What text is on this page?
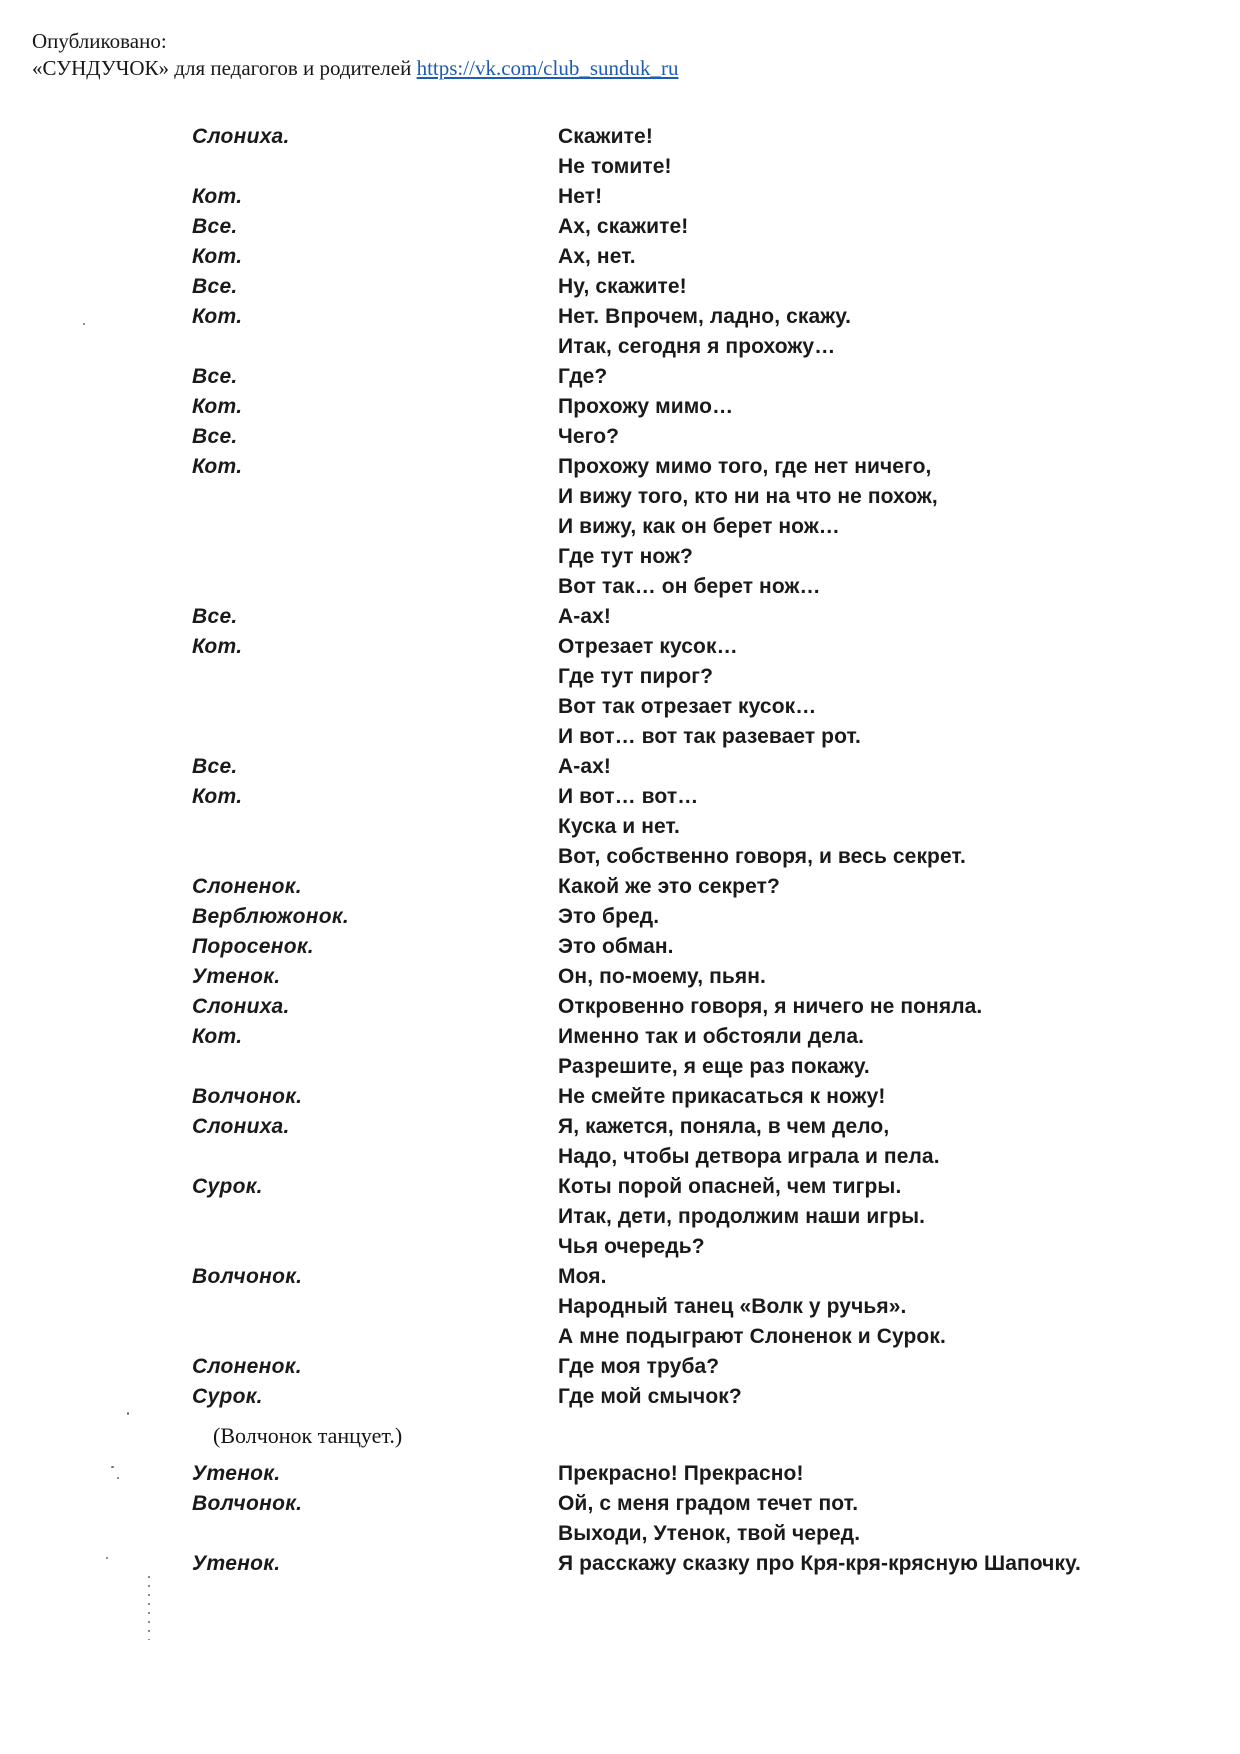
Опубликовано:
«СУНДУЧОК» для педагогов и родителей https://vk.com/club_sunduk_ru
Слониха.	Скажите!
Не томите!
Кот.	Нет!
Все.	Ах, скажите!
Кот.	Ах, нет.
Все.	Ну, скажите!
Кот.	Нет. Впрочем, ладно, скажу.
Итак, сегодня я прохожу…
Все.	Где?
Кот.	Прохожу мимо…
Все.	Чего?
Кот.	Прохожу мимо того, где нет ничего,
И вижу того, кто ни на что не похож,
И вижу, как он берет нож…
Где тут нож?
Вот так… он берет нож…
Все.	А-ах!
Кот.	Отрезает кусок…
Где тут пирог?
Вот так отрезает кусок…
И вот… вот так разевает рот.
Все.	А-ах!
Кот.	И вот… вот…
Куска и нет.
Вот, собственно говоря, и весь секрет.
Слоненок.	Какой же это секрет?
Верблюжонок.	Это бред.
Поросенок.	Это обман.
Утенок.	Он, по-моему, пьян.
Слониха.	Откровенно говоря, я ничего не поняла.
Кот.	Именно так и обстояли дела.
Разрешите, я еще раз покажу.
Волчонок.	Не смейте прикасаться к ножу!
Слониха.	Я, кажется, поняла, в чем дело,
Надо, чтобы детвора играла и пела.
Сурок.	Коты порой опасней, чем тигры.
Итак, дети, продолжим наши игры.
Чья очередь?
Волчонок.	Моя.
Народный танец «Волк у ручья».
А мне подыграют Слоненок и Сурок.
Слоненок.	Где моя труба?
Сурок.	Где мой смычок?
(Волчонок танцует.)
Утенок.	Прекрасно! Прекрасно!
Волчонок.	Ой, с меня градом течет пот.
Выходи, Утенок, твой черед.
Утенок.	Я расскажу сказку про Кря-кря-крясную Шапочку.
